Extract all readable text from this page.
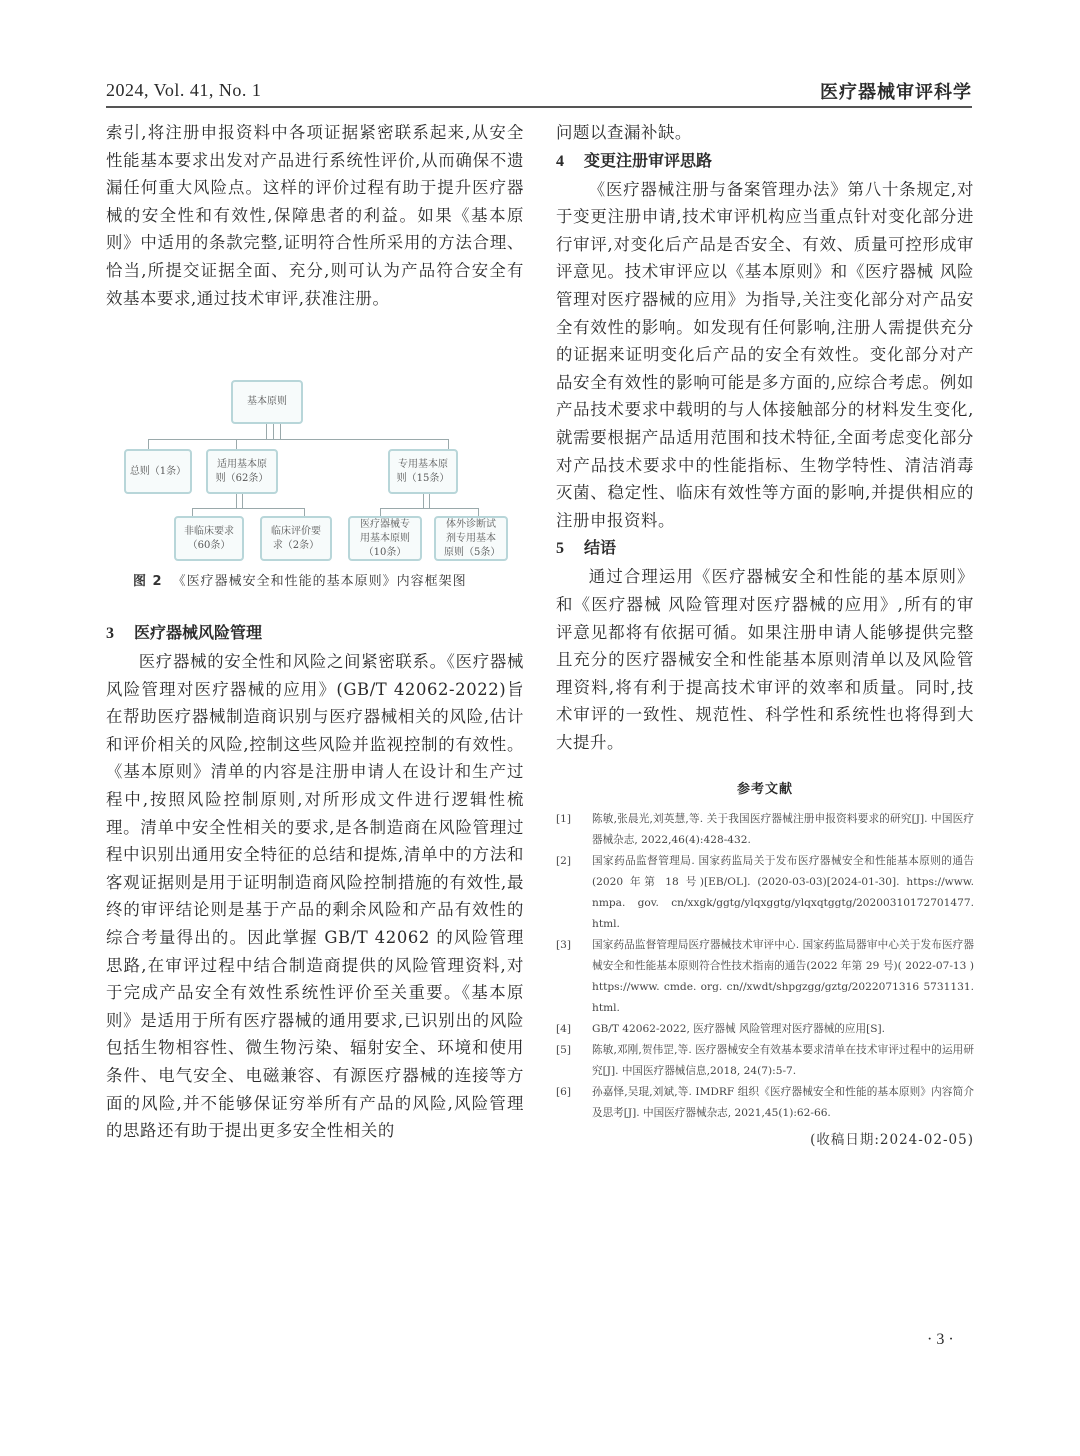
2024, Vol. 41, No. 1	医疗器械审评科学

索引,将注册申报资料中各项证据紧密联系起来,从安全性能基本要求出发对产品进行系统性评价,从而确保不遗漏任何重大风险点。这样的评价过程有助于提升医疗器械的安全性和有效性,保障患者的利益。如果《基本原则》中适用的条款完整,证明符合性所采用的方法合理、恰当,所提交证据全面、充分,则可认为产品符合安全有效基本要求,通过技术审评,获准注册。

基本原则
总则（1条）
适用基本原则（62条）
专用基本原则（15条）
非临床要求（60条）
临床评价要求（2条）
医疗器械专用基本原则（10条）
体外诊断试剂专用基本原则（5条）
图 2 《医疗器械安全和性能的基本原则》内容框架图

3 医疗器械风险管理

医疗器械的安全性和风险之间紧密联系。《医疗器械 风险管理对医疗器械的应用》(GB/T 42062-2022)旨在帮助医疗器械制造商识别与医疗器械相关的风险,估计和评价相关的风险,控制这些风险并监视控制的有效性。《基本原则》清单的内容是注册申请人在设计和生产过程中,按照风险控制原则,对所形成文件进行逻辑性梳理。清单中安全性相关的要求,是各制造商在风险管理过程中识别出通用安全特征的总结和提炼,清单中的方法和客观证据则是用于证明制造商风险控制措施的有效性,最终的审评结论则是基于产品的剩余风险和产品有效性的综合考量得出的。因此掌握 GB/T 42062 的风险管理思路,在审评过程中结合制造商提供的风险管理资料,对于完成产品安全有效性系统性评价至关重要。《基本原则》是适用于所有医疗器械的通用要求,已识别出的风险包括生物相容性、微生物污染、辐射安全、环境和使用条件、电气安全、电磁兼容、有源医疗器械的连接等方面的风险,并不能够保证穷举所有产品的风险,风险管理的思路还有助于提出更多安全性相关的

问题以查漏补缺。

4 变更注册审评思路

《医疗器械注册与备案管理办法》第八十条规定,对于变更注册申请,技术审评机构应当重点针对变化部分进行审评,对变化后产品是否安全、有效、质量可控形成审评意见。技术审评应以《基本原则》和《医疗器械 风险管理对医疗器械的应用》为指导,关注变化部分对产品安全有效性的影响。如发现有任何影响,注册人需提供充分的证据来证明变化后产品的安全有效性。变化部分对产品安全有效性的影响可能是多方面的,应综合考虑。例如产品技术要求中载明的与人体接触部分的材料发生变化,就需要根据产品适用范围和技术特征,全面考虑变化部分对产品技术要求中的性能指标、生物学特性、清洁消毒灭菌、稳定性、临床有效性等方面的影响,并提供相应的注册申报资料。

5 结语

通过合理运用《医疗器械安全和性能的基本原则》和《医疗器械 风险管理对医疗器械的应用》,所有的审评意见都将有依据可循。如果注册申请人能够提供完整且充分的医疗器械安全和性能基本原则清单以及风险管理资料,将有利于提高技术审评的效率和质量。同时,技术审评的一致性、规范性、科学性和系统性也将得到大大提升。

参考文献
[1]	陈敏,张晨光,刘英慧,等. 关于我国医疗器械注册申报资料要求的研究[J]. 中国医疗器械杂志, 2022,46(4):428-432.
[2]	国家药品监督管理局. 国家药监局关于发布医疗器械安全和性能基本原则的通告(2020 年第 18 号)[EB/OL]. (2020-03-03)[2024-01-30]. https://www. nmpa. gov. cn/xxgk/ggtg/ylqxggtg/ylqxqtggtg/20200310172701477. html.
[3]	国家药品监督管理局医疗器械技术审评中心. 国家药监局器审中心关于发布医疗器械安全和性能基本原则符合性技术指南的通告(2022 年第 29 号)( 2022-07-13 ) https://www. cmde. org. cn//xwdt/shpgzgg/gztg/2022071316 5731131. html.
[4]	GB/T 42062-2022, 医疗器械 风险管理对医疗器械的应用[S].
[5]	陈敏,邓刚,贺伟罡,等. 医疗器械安全有效基本要求清单在技术审评过程中的运用研究[J]. 中国医疗器械信息,2018, 24(7):5-7.
[6]	孙嘉怿,吴琨,刘斌,等. IMDRF 组织《医疗器械安全和性能的基本原则》内容简介及思考[J]. 中国医疗器械杂志, 2021,45(1):62-66.
(收稿日期:2024-02-05)
· 3 ·
